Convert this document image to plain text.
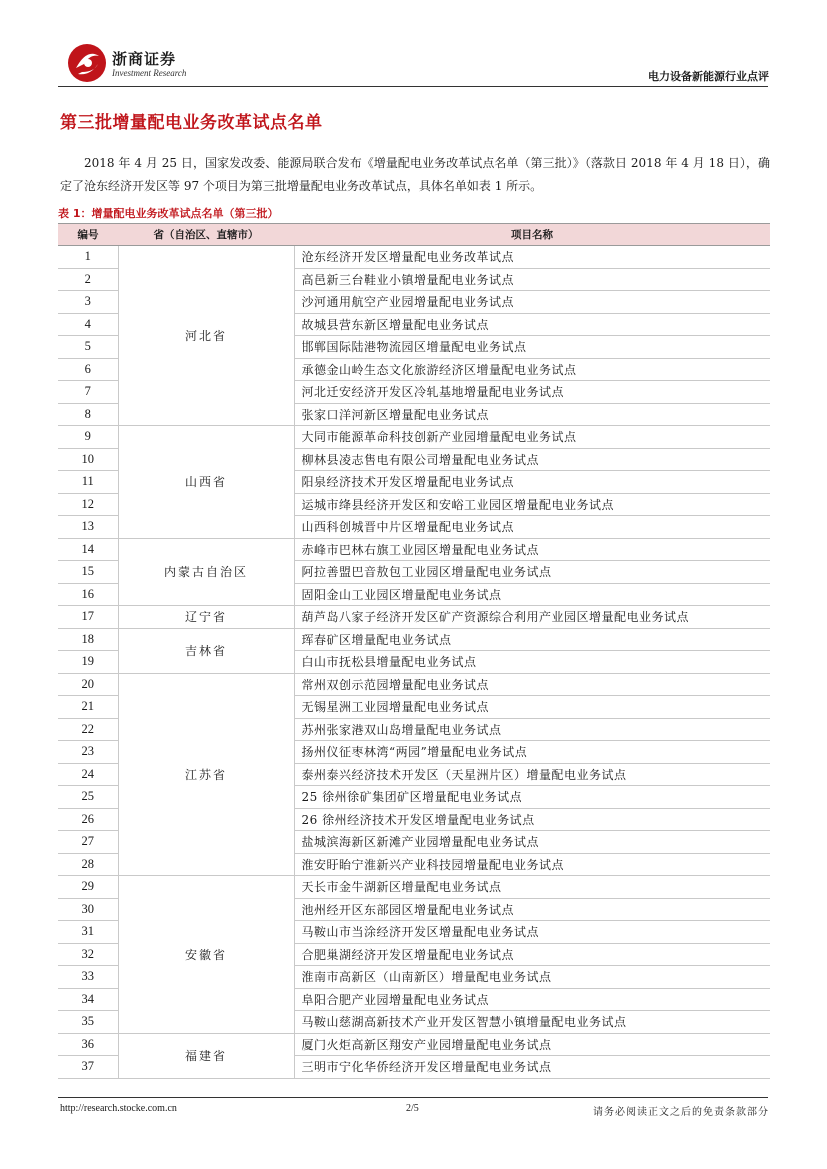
浙商证券
Investment Research	电力设备新能源行业点评
第三批增量配电业务改革试点名单
2018 年 4 月 25 日，国家发改委、能源局联合发布《增量配电业务改革试点名单（第三批）》（落款日 2018 年 4 月 18 日），确定了沧东经济开发区等 97 个项目为第三批增量配电业务改革试点，具体名单如表 1 所示。
表 1：增量配电业务改革试点名单（第三批）
编号	省（自治区、直辖市）	项目名称
1	河北省	沧东经济开发区增量配电业务改革试点
2		高邑新三台鞋业小镇增量配电业务试点
3		沙河通用航空产业园增量配电业务试点
4		故城县营东新区增量配电业务试点
5		邯郸国际陆港物流园区增量配电业务试点
6		承德金山岭生态文化旅游经济区增量配电业务试点
7		河北迁安经济开发区冷轧基地增量配电业务试点
8		张家口洋河新区增量配电业务试点
9	山西省	大同市能源革命科技创新产业园增量配电业务试点
10		柳林县凌志售电有限公司增量配电业务试点
11		阳泉经济技术开发区增量配电业务试点
12		运城市绛县经济开发区和安峪工业园区增量配电业务试点
13		山西科创城晋中片区增量配电业务试点
14	内蒙古自治区	赤峰市巴林右旗工业园区增量配电业务试点
15		阿拉善盟巴音敖包工业园区增量配电业务试点
16		固阳金山工业园区增量配电业务试点
17	辽宁省	葫芦岛八家子经济开发区矿产资源综合利用产业园区增量配电业务试点
18	吉林省	珲春矿区增量配电业务试点
19		白山市抚松县增量配电业务试点
20	江苏省	常州双创示范园增量配电业务试点
21		无锡星洲工业园增量配电业务试点
22		苏州张家港双山岛增量配电业务试点
23		扬州仪征枣林湾“两园”增量配电业务试点
24		泰州泰兴经济技术开发区（天星洲片区）增量配电业务试点
25		25 徐州徐矿集团矿区增量配电业务试点
26		26 徐州经济技术开发区增量配电业务试点
27		盐城滨海新区新滩产业园增量配电业务试点
28		淮安盱眙宁淮新兴产业科技园增量配电业务试点
29	安徽省	天长市金牛湖新区增量配电业务试点
30		池州经开区东部园区增量配电业务试点
31		马鞍山市当涂经济开发区增量配电业务试点
32		合肥巢湖经济开发区增量配电业务试点
33		淮南市高新区（山南新区）增量配电业务试点
34		阜阳合肥产业园增量配电业务试点
35		马鞍山慈湖高新技术产业开发区智慧小镇增量配电业务试点
36	福建省	厦门火炬高新区翔安产业园增量配电业务试点
37		三明市宁化华侨经济开发区增量配电业务试点
http://research.stocke.com.cn	2/5	请务必阅读正文之后的免责条款部分
